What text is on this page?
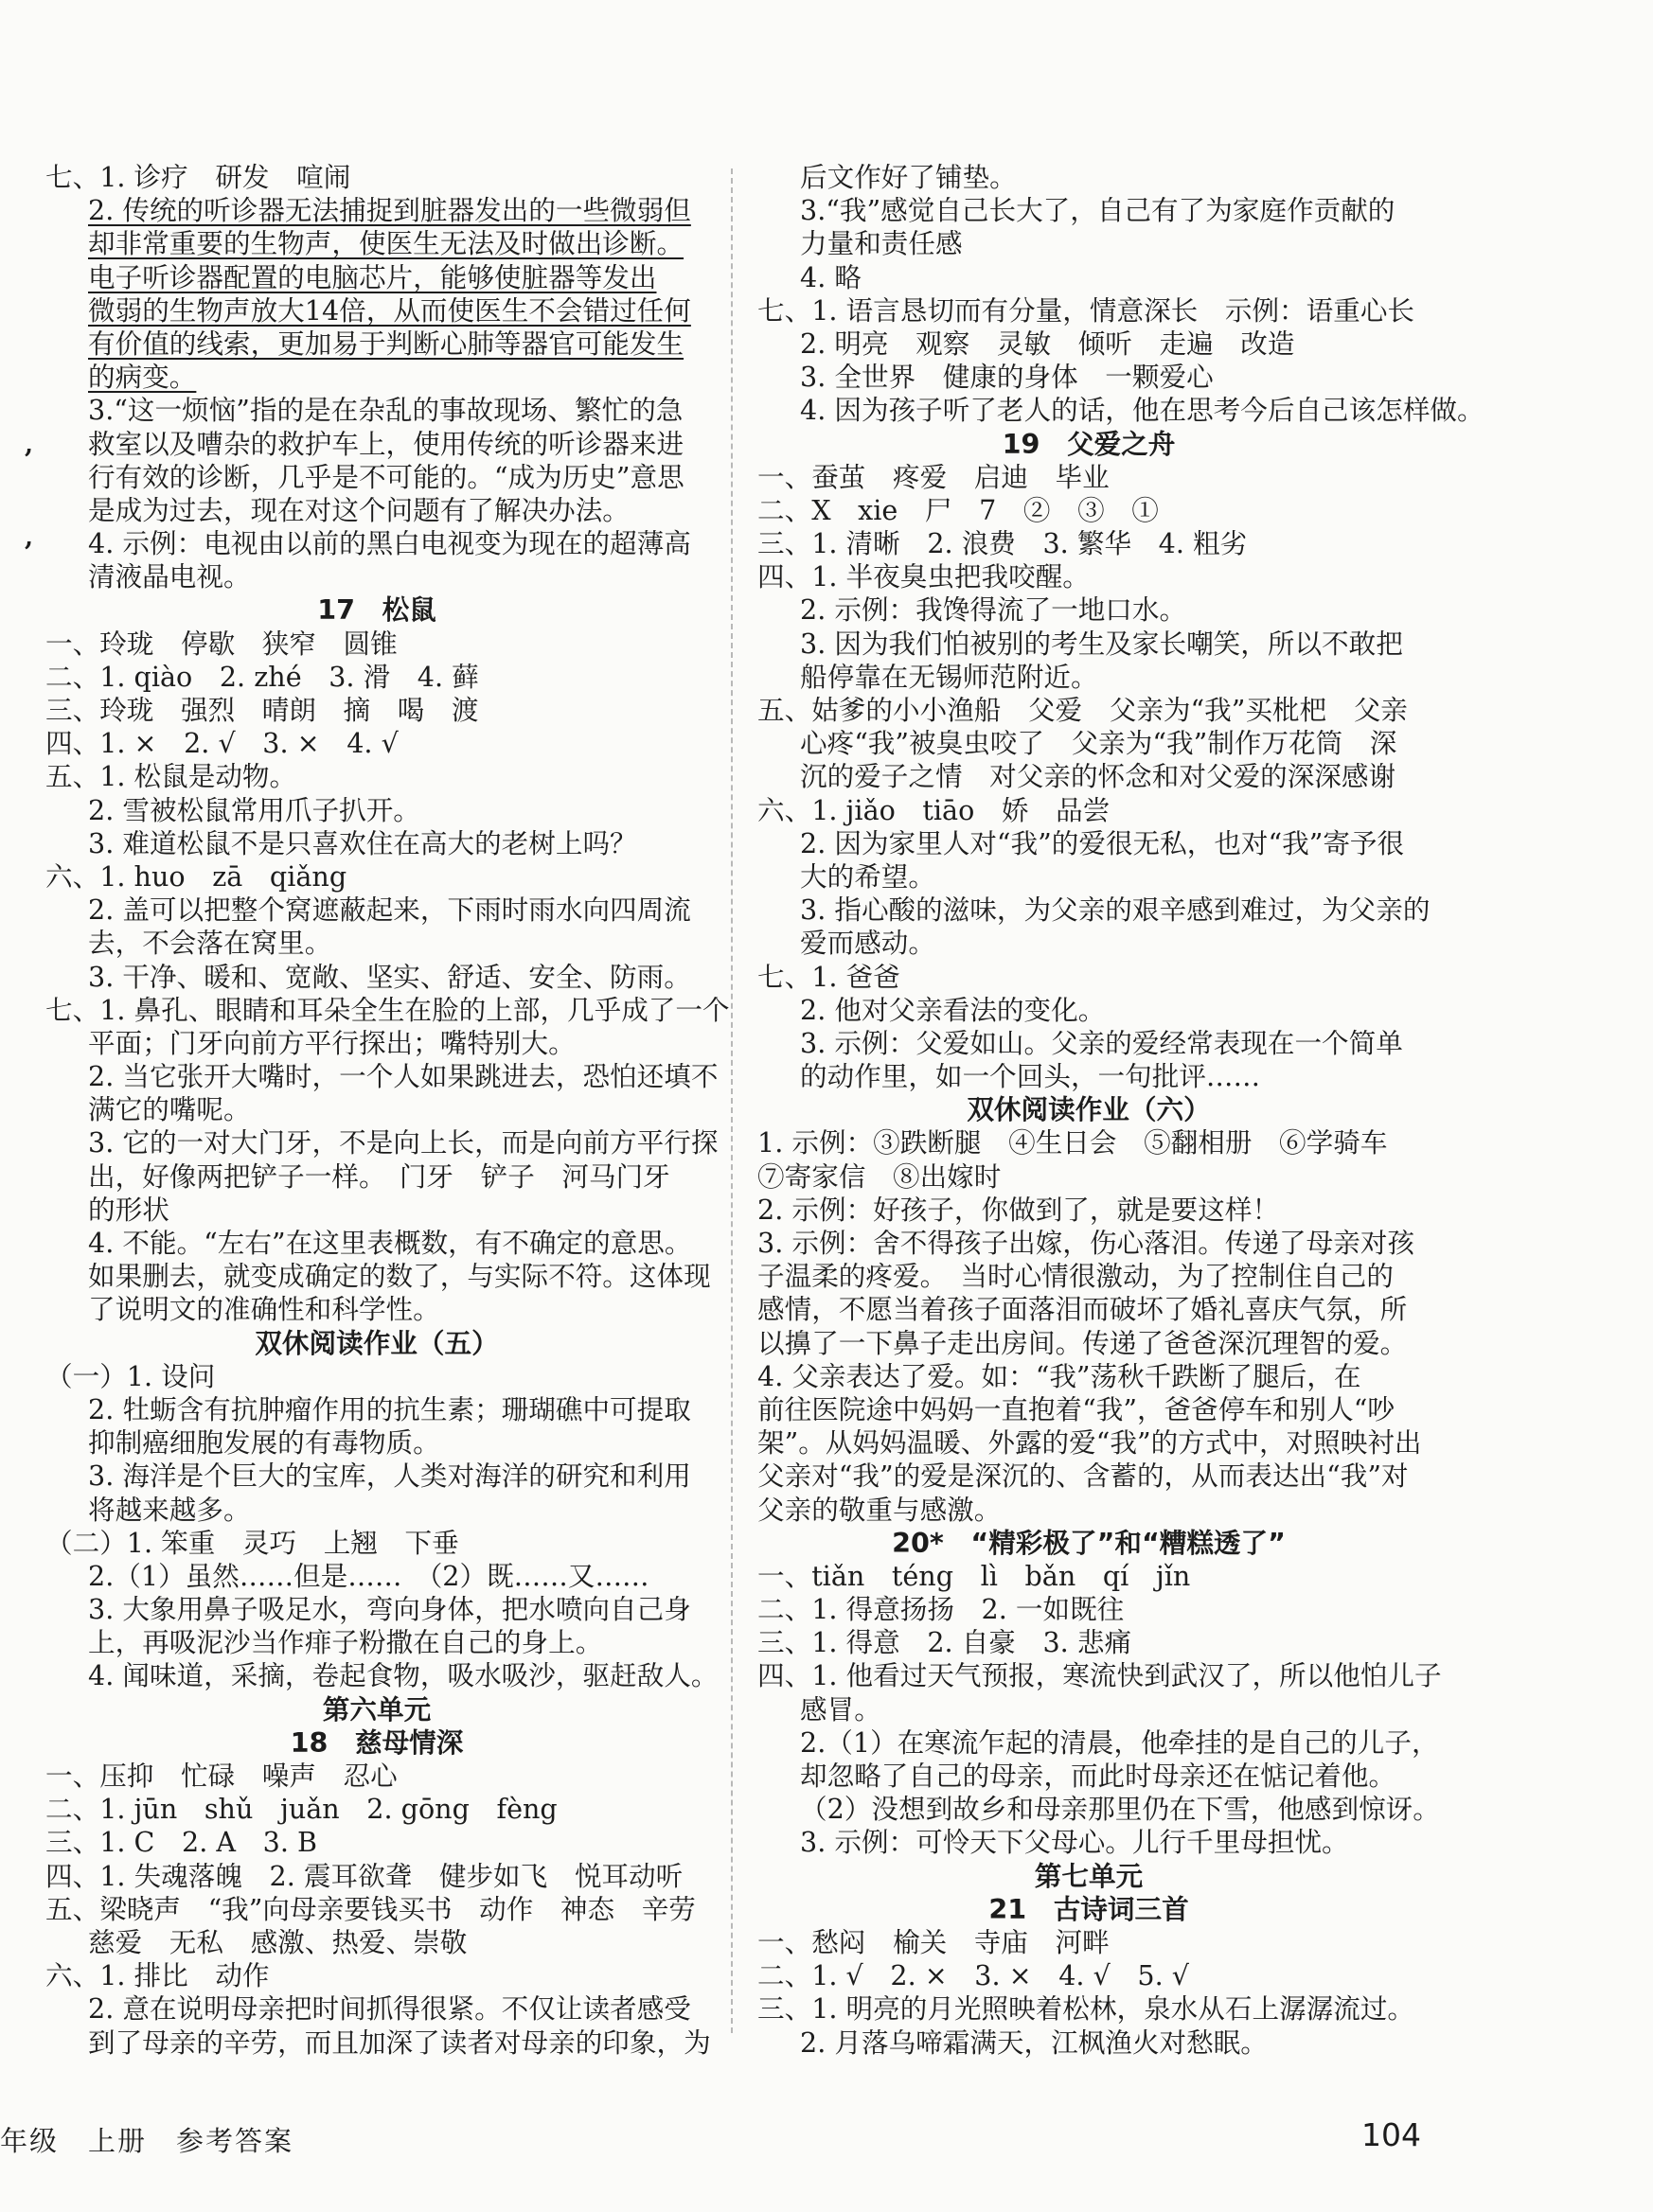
七、1. 诊疗　研发　喧闹
2. 传统的听诊器无法捕捉到脏器发出的一些微弱但
却非常重要的生物声，使医生无法及时做出诊断。
电子听诊器配置的电脑芯片，能够使脏器等发出
微弱的生物声放大14倍，从而使医生不会错过任何
有价值的线索，更加易于判断心肺等器官可能发生
的病变。
3.“这一烦恼”指的是在杂乱的事故现场、繁忙的急
救室以及嘈杂的救护车上，使用传统的听诊器来进
行有效的诊断，几乎是不可能的。“成为历史”意思
是成为过去，现在对这个问题有了解决办法。
4. 示例：电视由以前的黑白电视变为现在的超薄高
清液晶电视。
17　松鼠
一、玲珑　停歇　狭窄　圆锥
二、1. qiào　2. zhé　3. 滑　4. 藓
三、玲珑　强烈　晴朗　摘　喝　渡
四、1. ×　2. √　3. ×　4. √
五、1. 松鼠是动物。
2. 雪被松鼠常用爪子扒开。
3. 难道松鼠不是只喜欢住在高大的老树上吗？
六、1. huo　zā　qiǎng
2. 盖可以把整个窝遮蔽起来，下雨时雨水向四周流
去，不会落在窝里。
3. 干净、暖和、宽敞、坚实、舒适、安全、防雨。
七、1. 鼻孔、眼睛和耳朵全生在脸的上部，几乎成了一个
平面；门牙向前方平行探出；嘴特别大。
2. 当它张开大嘴时，一个人如果跳进去，恐怕还填不
满它的嘴呢。
3. 它的一对大门牙，不是向上长，而是向前方平行探
出，好像两把铲子一样。　门牙　铲子　河马门牙
的形状
4. 不能。“左右”在这里表概数，有不确定的意思。
如果删去，就变成确定的数了，与实际不符。这体现
了说明文的准确性和科学性。
双休阅读作业（五）
（一）1. 设问
2. 牡蛎含有抗肿瘤作用的抗生素；珊瑚礁中可提取
抑制癌细胞发展的有毒物质。
3. 海洋是个巨大的宝库，人类对海洋的研究和利用
将越来越多。
（二）1. 笨重　灵巧　上翘　下垂
2.（1）虽然……但是……　（2）既……又……
3. 大象用鼻子吸足水，弯向身体，把水喷向自己身
上，再吸泥沙当作痱子粉撒在自己的身上。
4. 闻味道，采摘，卷起食物，吸水吸沙，驱赶敌人。
第六单元
18　慈母情深
一、压抑　忙碌　噪声　忍心
二、1. jūn　shǔ　juǎn　2. gōng　fèng
三、1. C　2. A　3. B
四、1. 失魂落魄　2. 震耳欲聋　健步如飞　悦耳动听
五、梁晓声　“我”向母亲要钱买书　动作　神态　辛劳
慈爱　无私　感激、热爱、崇敬
六、1. 排比　动作
2. 意在说明母亲把时间抓得很紧。不仅让读者感受
到了母亲的辛劳，而且加深了读者对母亲的印象，为
后文作好了铺垫。
3.“我”感觉自己长大了，自己有了为家庭作贡献的
力量和责任感
4. 略
七、1. 语言恳切而有分量，情意深长　示例：语重心长
2. 明亮　观察　灵敏　倾听　走遍　改造
3. 全世界　健康的身体　一颗爱心
4. 因为孩子听了老人的话，他在思考今后自己该怎样做。
19　父爱之舟
一、蚕茧　疼爱　启迪　毕业
二、X　xie　尸　7　②　③　①
三、1. 清晰　2. 浪费　3. 繁华　4. 粗劣
四、1. 半夜臭虫把我咬醒。
2. 示例：我馋得流了一地口水。
3. 因为我们怕被别的考生及家长嘲笑，所以不敢把
船停靠在无锡师范附近。
五、姑爹的小小渔船　父爱　父亲为“我”买枇杷　父亲
心疼“我”被臭虫咬了　父亲为“我”制作万花筒　深
沉的爱子之情　对父亲的怀念和对父爱的深深感谢
六、1. jiǎo　tiāo　娇　品尝
2. 因为家里人对“我”的爱很无私，也对“我”寄予很
大的希望。
3. 指心酸的滋味，为父亲的艰辛感到难过，为父亲的
爱而感动。
七、1. 爸爸
2. 他对父亲看法的变化。
3. 示例：父爱如山。父亲的爱经常表现在一个简单
的动作里，如一个回头，一句批评……
双休阅读作业（六）
1. 示例：③跌断腿　④生日会　⑤翻相册　⑥学骑车
⑦寄家信　⑧出嫁时
2. 示例：好孩子，你做到了，就是要这样！
3. 示例：舍不得孩子出嫁，伤心落泪。传递了母亲对孩
子温柔的疼爱。　当时心情很激动，为了控制住自己的
感情，不愿当着孩子面落泪而破坏了婚礼喜庆气氛，所
以擤了一下鼻子走出房间。传递了爸爸深沉理智的爱。
4. 父亲表达了爱。如：“我”荡秋千跌断了腿后，在
前往医院途中妈妈一直抱着“我”，爸爸停车和别人“吵
架”。从妈妈温暖、外露的爱“我”的方式中，对照映衬出
父亲对“我”的爱是深沉的、含蓄的，从而表达出“我”对
父亲的敬重与感激。
20*　“精彩极了”和“糟糕透了”
一、tiǎn　téng　lì　bǎn　qí　jǐn
二、1. 得意扬扬　2. 一如既往
三、1. 得意　2. 自豪　3. 悲痛
四、1. 他看过天气预报，寒流快到武汉了，所以他怕儿子
感冒。
2.（1）在寒流乍起的清晨，他牵挂的是自己的儿子，
却忽略了自己的母亲，而此时母亲还在惦记着他。
（2）没想到故乡和母亲那里仍在下雪，他感到惊讶。
3. 示例：可怜天下父母心。儿行千里母担忧。
第七单元
21　古诗词三首
一、愁闷　榆关　寺庙　河畔
二、1. √　2. ×　3. ×　4. √　5. √
三、1. 明亮的月光照映着松林，泉水从石上潺潺流过。
2. 月落乌啼霜满天，江枫渔火对愁眠。
,
,
年级　上册　参考答案	104
